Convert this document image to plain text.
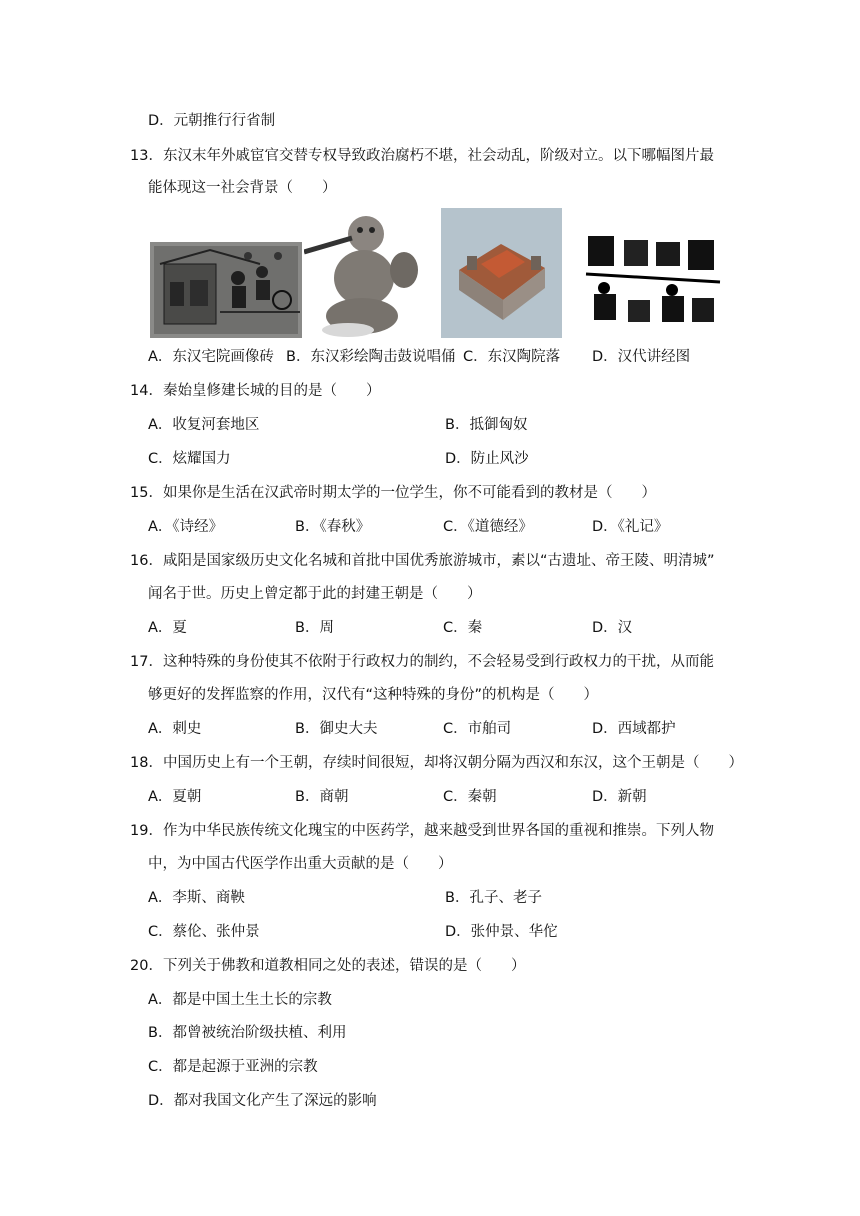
D．元朝推行行省制
13．东汉末年外戚宦官交替专权导致政治腐朽不堪，社会动乱，阶级对立。以下哪幅图片最
能体现这一社会背景（　　）
A．东汉宅院画像砖 B．东汉彩绘陶击鼓说唱俑 C．东汉陶院落 D．汉代讲经图
14．秦始皇修建长城的目的是（　　）
A．收复河套地区	B．抵御匈奴
C．炫耀国力	D．防止风沙
15．如果你是生活在汉武帝时期太学的一位学生，你不可能看到的教材是（　　）
A．《诗经》	B．《春秋》	C．《道德经》	D．《礼记》
16．咸阳是国家级历史文化名城和首批中国优秀旅游城市，素以“古遗址、帝王陵、明清城”
闻名于世。历史上曾定都于此的封建王朝是（　　）
A．夏	B．周	C．秦	D．汉
17．这种特殊的身份使其不依附于行政权力的制约，不会轻易受到行政权力的干扰，从而能
够更好的发挥监察的作用，汉代有“这种特殊的身份”的机构是（　　）
A．刺史	B．御史大夫	C．市舶司	D．西域都护
18．中国历史上有一个王朝，存续时间很短，却将汉朝分隔为西汉和东汉，这个王朝是（　　）
A．夏朝	B．商朝	C．秦朝	D．新朝
19．作为中华民族传统文化瑰宝的中医药学，越来越受到世界各国的重视和推崇。下列人物
中，为中国古代医学作出重大贡献的是（　　）
A．李斯、商鞅	B．孔子、老子
C．蔡伦、张仲景	D．张仲景、华佗
20．下列关于佛教和道教相同之处的表述，错误的是（　　）
A．都是中国土生土长的宗教
B．都曾被统治阶级扶植、利用
C．都是起源于亚洲的宗教
D．都对我国文化产生了深远的影响
